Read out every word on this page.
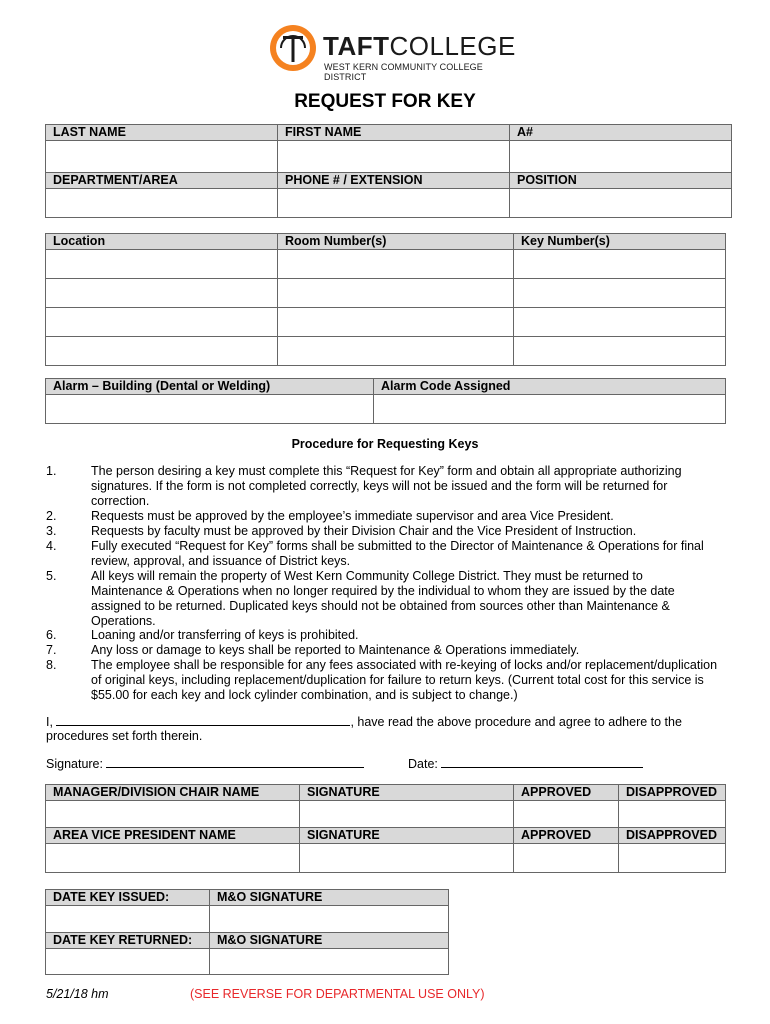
TAFTCOLLEGE
WEST KERN COMMUNITY COLLEGE DISTRICT
REQUEST FOR KEY
LAST NAME	FIRST NAME	A#

DEPARTMENT/AREA	PHONE # / EXTENSION	POSITION

Location	Room Number(s)	Key Number(s)

Alarm – Building (Dental or Welding)	Alarm Code Assigned

Procedure for Requesting Keys
1.	The person desiring a key must complete this “Request for Key” form and obtain all appropriate authorizing
signatures. If the form is not completed correctly, keys will not be issued and the form will be returned for
correction.
2.	Requests must be approved by the employee’s immediate supervisor and area Vice President.
3.	Requests by faculty must be approved by their Division Chair and the Vice President of Instruction.
4.	Fully executed “Request for Key” forms shall be submitted to the Director of Maintenance & Operations for final
review, approval, and issuance of District keys.
5.	All keys will remain the property of West Kern Community College District. They must be returned to
Maintenance & Operations when no longer required by the individual to whom they are issued by the date
assigned to be returned. Duplicated keys should not be obtained from sources other than Maintenance &
Operations.
6.	Loaning and/or transferring of keys is prohibited.
7.	Any loss or damage to keys shall be reported to Maintenance & Operations immediately.
8.	The employee shall be responsible for any fees associated with re-keying of locks and/or replacement/duplication
of original keys, including replacement/duplication for failure to return keys. (Current total cost for this service is
$55.00 for each key and lock cylinder combination, and is subject to change.)
I,	, have read the above procedure and agree to adhere to the
procedures set forth therein.
Signature:	Date:
MANAGER/DIVISION CHAIR NAME	SIGNATURE	APPROVED	DISAPPROVED

AREA VICE PRESIDENT NAME	SIGNATURE	APPROVED	DISAPPROVED

DATE KEY ISSUED:	M&O SIGNATURE

DATE KEY RETURNED:	M&O SIGNATURE

5/21/18 hm	(SEE REVERSE FOR DEPARTMENTAL USE ONLY)
